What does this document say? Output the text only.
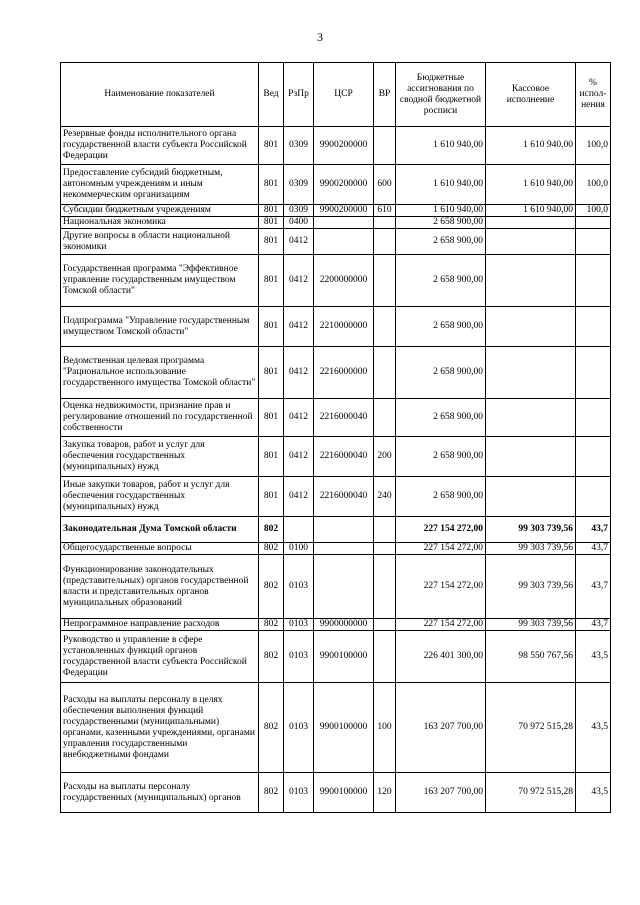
3
Наименование показателей	Вед	РзПр	ЦСР	ВР	Бюджетные ассигнования по сводной бюджетной росписи	Кассовое исполнение	% испол-нения
Резервные фонды исполнительного органа государственной власти субъекта Российской Федерации	801	0309	9900200000		1 610 940,00	1 610 940,00	100,0
Предоставление субсидий бюджетным, автономным учреждениям и иным некоммерческим организациям	801	0309	9900200000	600	1 610 940,00	1 610 940,00	100,0
Субсидии бюджетным учреждениям	801	0309	9900200000	610	1 610 940,00	1 610 940,00	100,0
Национальная экономика	801	0400			2 658 900,00		
Другие вопросы в области национальной экономики	801	0412			2 658 900,00		
Государственная программа "Эффективное управление государственным имуществом Томской области"	801	0412	2200000000		2 658 900,00		
Подпрограмма "Управление государственным имуществом Томской области"	801	0412	2210000000		2 658 900,00		
Ведомственная целевая программа "Рациональное использование государственного имущества Томской области"	801	0412	2216000000		2 658 900,00		
Оценка недвижимости, признание прав и регулирование отношений по государственной собственности	801	0412	2216000040		2 658 900,00		
Закупка товаров, работ и услуг для обеспечения государственных (муниципальных) нужд	801	0412	2216000040	200	2 658 900,00		
Иные закупки товаров, работ и услуг для обеспечения государственных (муниципальных) нужд	801	0412	2216000040	240	2 658 900,00		
Законодательная Дума Томской области	802				227 154 272,00	99 303 739,56	43,7
Общегосударственные вопросы	802	0100			227 154 272,00	99 303 739,56	43,7
Функционирование законодательных (представительных) органов государственной власти и представительных органов муниципальных образований	802	0103			227 154 272,00	99 303 739,56	43,7
Непрограммное направление расходов	802	0103	9900000000		227 154 272,00	99 303 739,56	43,7
Руководство и управление в сфере установленных функций органов государственной власти субъекта Российской Федерации	802	0103	9900100000		226 401 300,00	98 550 767,56	43,5
Расходы на выплаты персоналу в целях обеспечения выполнения функций государственными (муниципальными) органами, казенными учреждениями, органами управления государственными внебюджетными фондами	802	0103	9900100000	100	163 207 700,00	70 972 515,28	43,5
Расходы на выплаты персоналу государственных (муниципальных) органов	802	0103	9900100000	120	163 207 700,00	70 972 515,28	43,5
